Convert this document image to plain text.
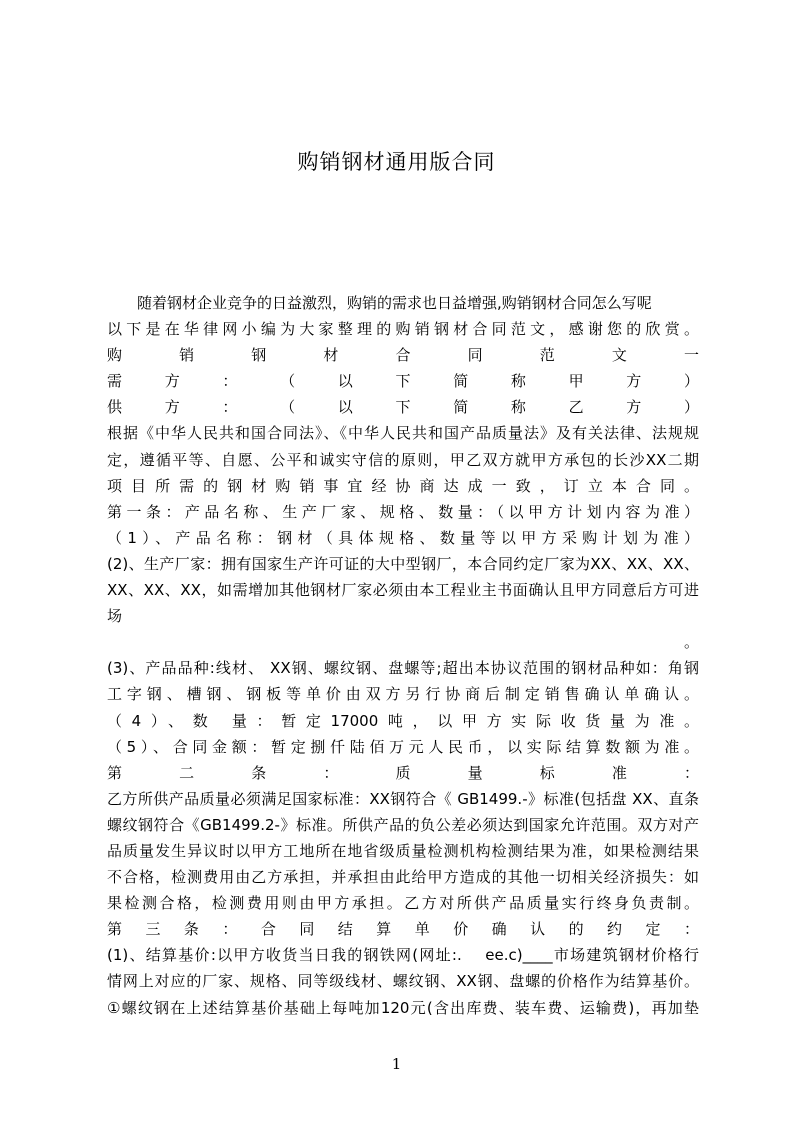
购销钢材通用版合同
随着钢材企业竞争的日益激烈，购销的需求也日益增强,购销钢材合同怎么写呢
以下是在华律网小编为大家整理的购销钢材合同范文，感谢您的欣赏。
购 销 钢 材 合 同 范 文 一
需 方 ： （ 以 下 简 称 甲 方 ）
供 方 ： （ 以 下 简 称 乙 方 ）
根据《中华人民共和国合同法》、《中华人民共和国产品质量法》及有关法律、法规规
定，遵循平等、自愿、公平和诚实守信的原则，甲乙双方就甲方承包的长沙XX二期
项目所需的钢材购销事宜经协商达成一致，订立本合同。
第一条：产品名称、生产厂家、规格、数量：（以甲方计划内容为准）
（1）、产品名称：钢材（具体规格、数量等以甲方采购计划为准）
(2)、生产厂家：拥有国家生产许可证的大中型钢厂，本合同约定厂家为XX、XX、XX、
XX、XX、XX，如需增加其他钢材厂家必须由本工程业主书面确认且甲方同意后方可进
场
。
(3)、产品品种:线材、 XX钢、螺纹钢、盘螺等;超出本协议范围的钢材品种如：角钢
工字钢、槽钢、钢板等单价由双方另行协商后制定销售确认单确认。
（4）、数 量：暂定17000吨，以甲方实际收货量为准。
（5）、合同金额：暂定捌仟陆佰万元人民币，以实际结算数额为准。
第 二 条 ： 质 量 标 准 ：
乙方所供产品质量必须满足国家标准：XX钢符合《 GB1499.-》标准(包括盘 XX、直条
螺纹钢符合《GB1499.2-》标准。所供产品的负公差必须达到国家允许范围。双方对产
品质量发生异议时以甲方工地所在地省级质量检测机构检测结果为准，如果检测结果
不合格，检测费用由乙方承担，并承担由此给甲方造成的其他一切相关经济损失：如
果检测合格，检测费用则由甲方承担。乙方对所供产品质量实行终身负责制。
第 三 条 ： 合 同 结 算 单 价 确 认 的 约 定 ：
(1)、结算基价:以甲方收货当日我的钢铁网(网址:.　 ee.c)____市场建筑钢材价格行
情网上对应的厂家、规格、同等级线材、螺纹钢、XX钢、盘螺的价格作为结算基价。
①螺纹钢在上述结算基价基础上每吨加120元(含出库费、装车费、运输费)，再加垫
1
